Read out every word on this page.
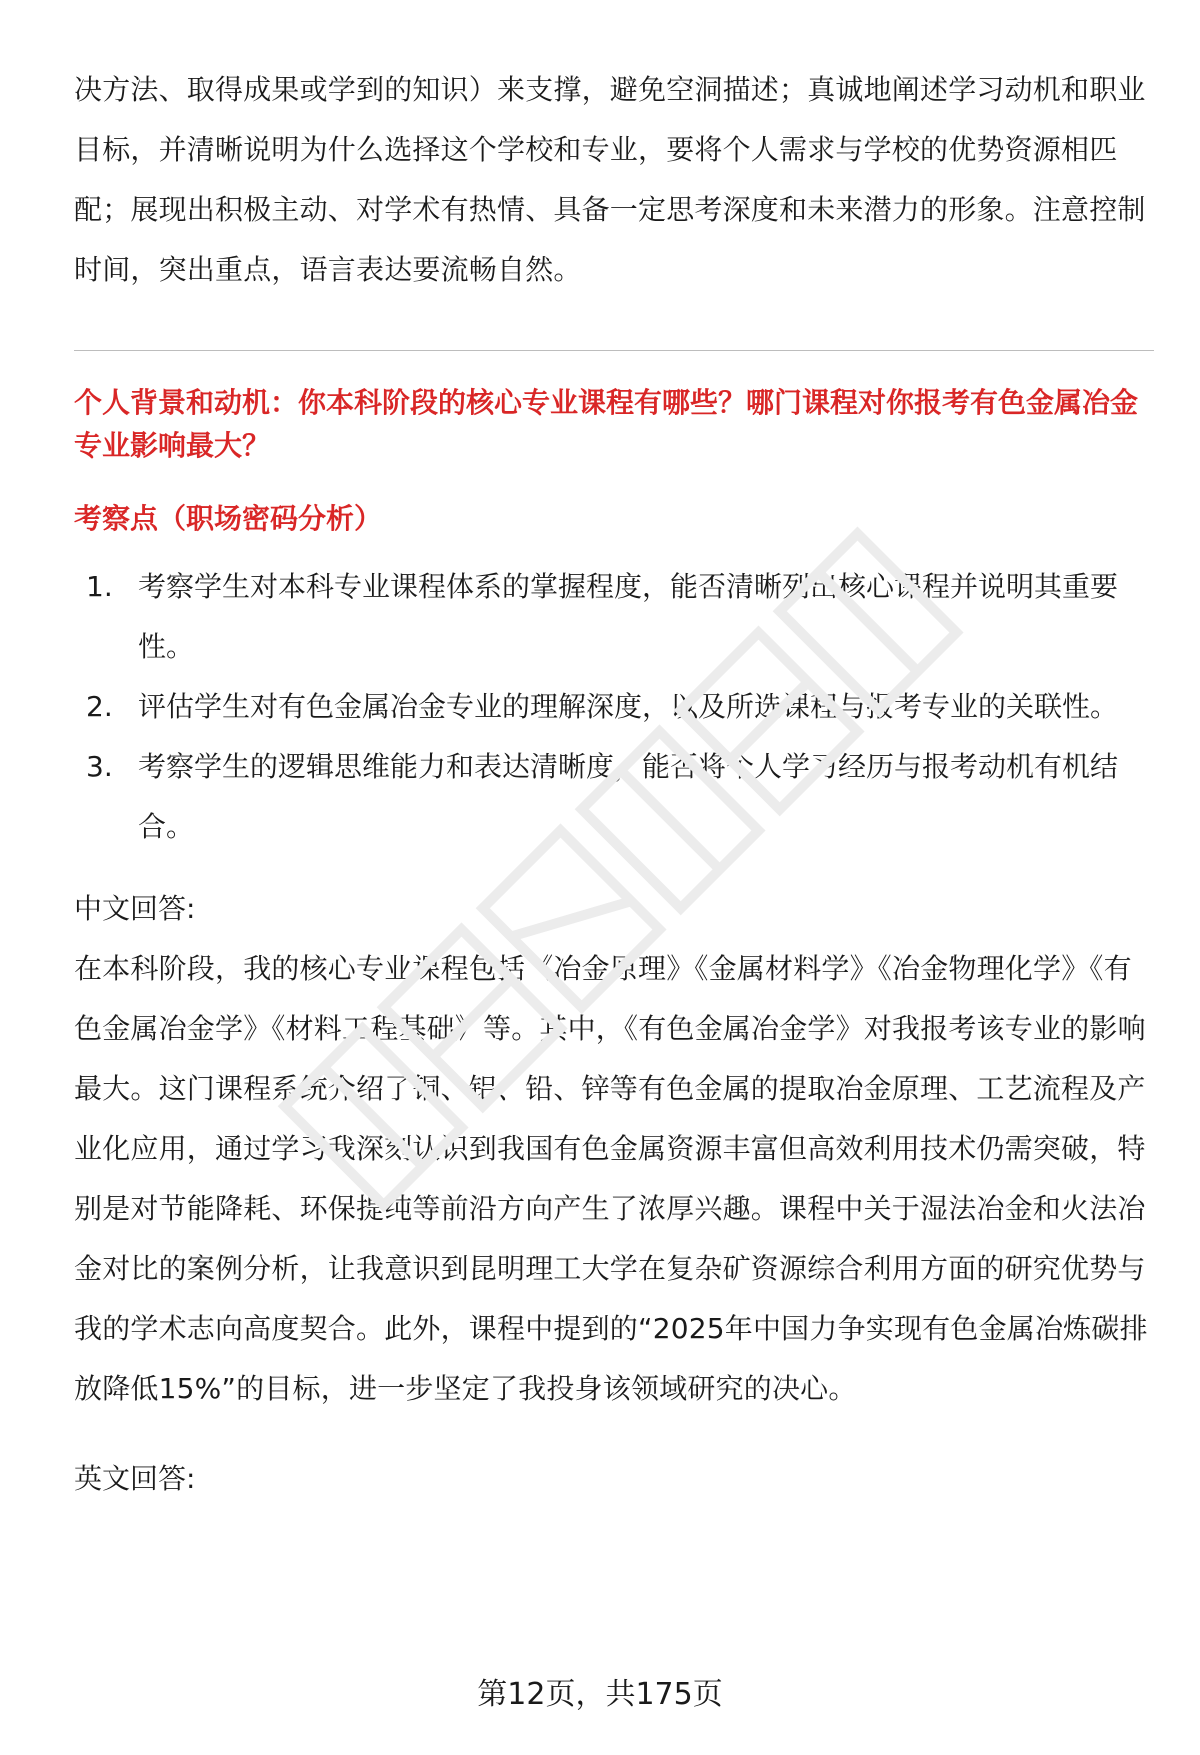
决方法、取得成果或学到的知识）来支撑，避免空洞描述；真诚地阐述学习动机和职业目标，并清晰说明为什么选择这个学校和专业，要将个人需求与学校的优势资源相匹配；展现出积极主动、对学术有热情、具备一定思考深度和未来潜力的形象。注意控制时间，突出重点，语言表达要流畅自然。

个人背景和动机：你本科阶段的核心专业课程有哪些？哪门课程对你报考有色金属冶金专业影响最大？

考察点（职场密码分析）

1. 考察学生对本科专业课程体系的掌握程度，能否清晰列出核心课程并说明其重要性。
2. 评估学生对有色金属冶金专业的理解深度，以及所选课程与报考专业的关联性。
3. 考察学生的逻辑思维能力和表达清晰度，能否将个人学习经历与报考动机有机结合。

中文回答:

在本科阶段，我的核心专业课程包括《冶金原理》《金属材料学》《冶金物理化学》《有色金属冶金学》《材料工程基础》等。其中，《有色金属冶金学》对我报考该专业的影响最大。这门课程系统介绍了铜、铝、铅、锌等有色金属的提取冶金原理、工艺流程及产业化应用，通过学习我深刻认识到我国有色金属资源丰富但高效利用技术仍需突破，特别是对节能降耗、环保提纯等前沿方向产生了浓厚兴趣。课程中关于湿法冶金和火法冶金对比的案例分析，让我意识到昆明理工大学在复杂矿资源综合利用方面的研究优势与我的学术志向高度契合。此外，课程中提到的“2025年中国力争实现有色金属冶炼碳排放降低15%”的目标，进一步坚定了我投身该领域研究的决心。

英文回答:

第12页，共175页
